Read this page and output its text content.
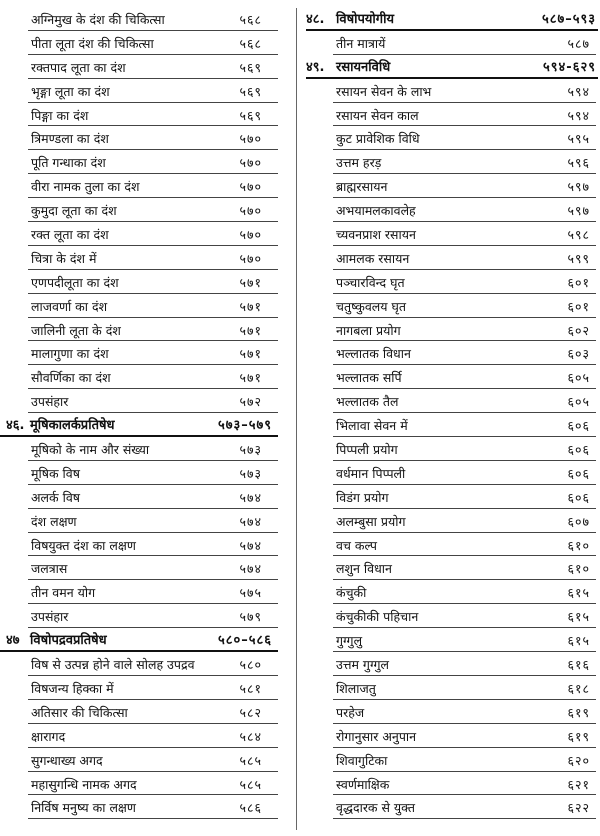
अग्निमुख के दंश की चिकित्सा	५६८
पीता लूता दंश की चिकित्सा	५६८
रक्तपाद लूता का दंश	५६९
भृङ्गा लूता का दंश	५६९
पिङ्गा का दंश	५६९
त्रिमण्डला का दंश	५७०
पूति गन्धाका दंश	५७०
वीरा नामक तुला का दंश	५७०
कुमुदा लूता का दंश	५७०
रक्त लूता का दंश	५७०
चित्रा के दंश में	५७०
एणपदीलूता का दंश	५७१
लाजवर्णा का दंश	५७१
जालिनी लूता के दंश	५७१
मालागुणा का दंश	५७१
सौवर्णिका का दंश	५७१
उपसंहार	५७२
४६. मूषिकालर्कप्रतिषेध	५७३–५७९
मूषिको के नाम और संख्या	५७३
मूषिक विष	५७३
अलर्क विष	५७४
दंश लक्षण	५७४
विषयुक्त दंश का लक्षण	५७४
जलत्रास	५७४
तीन वमन योग	५७५
उपसंहार	५७९
४७ विषोपद्रवप्रतिषेध	५८०–५८६
विष से उत्पन्न होने वाले सोलह उपद्रव	५८०
विषजन्य हिक्का में	५८१
अतिसार की चिकित्सा	५८२
क्षारागद	५८४
सुगन्धाख्य अगद	५८५
महासुगन्धि नामक अगद	५८५
निर्विष मनुष्य का लक्षण	५८६
४८. विषोपयोगीय	५८७–५९३
तीन मात्रायें	५८७
४९. रसायनविधि	५९४-६२९
रसायन सेवन के लाभ	५९४
रसायन सेवन काल	५९४
कुट प्रावेशिक विधि	५९५
उत्तम हरड़	५९६
ब्राह्मरसायन	५९७
अभयामलकावलेह	५९७
च्यवनप्राश रसायन	५९८
आमलक रसायन	५९९
पञ्चारविन्द घृत	६०१
चतुष्कुवलय घृत	६०१
नागबला प्रयोग	६०२
भल्लातक विधान	६०३
भल्लातक सर्पि	६०५
भल्लातक तैल	६०५
भिलावा सेवन में	६०६
पिप्पली प्रयोग	६०६
वर्धमान पिप्पली	६०६
विडंग प्रयोग	६०६
अलम्बुसा प्रयोग	६०७
वच कल्प	६१०
लशुन विधान	६१०
कंचुकी	६१५
कंचुकीकी पहिचान	६१५
गुग्गुलु	६१५
उत्तम गुग्गुल	६१६
शिलाजतु	६१८
परहेज	६१९
रोगानुसार अनुपान	६१९
शिवागुटिका	६२०
स्वर्णमाक्षिक	६२१
वृद्धदारक से युक्त	६२२
